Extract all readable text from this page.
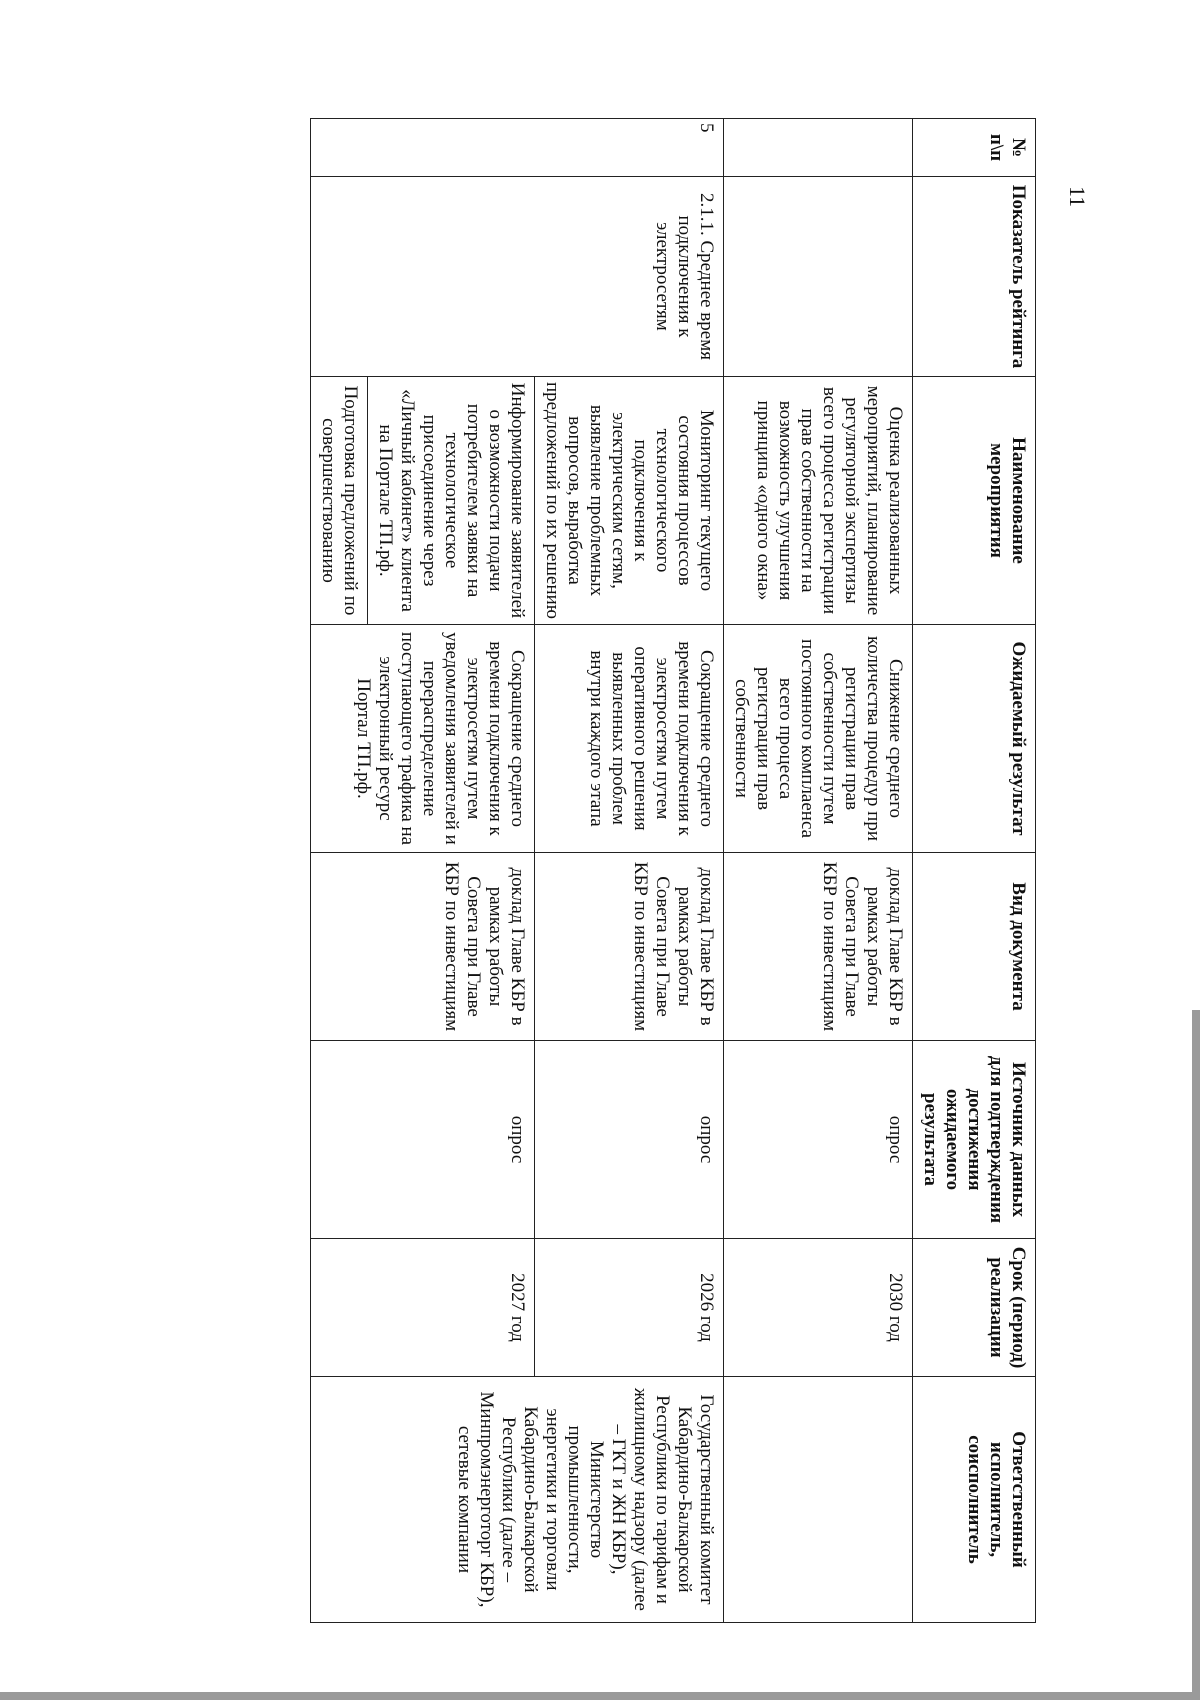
11
№ п\п	Показатель рейтинга	Наименование мероприятия	Ожидаемый результат	Вид документа	Источник данных для подтверждения достижения ожидаемого результата	Срок (период) реализации	Ответственный исполнитель, соисполнитель
		Оценка реализованных мероприятий, планирование регуляторной экспертизы всего процесса регистрации прав собственности на возможность улучшения принципа «одного окна»	Снижение среднего количества процедур при регистрации прав собственности путем постоянного комплаенса всего процесса регистрации прав собственности	доклад Главе КБР в рамках работы Совета при Главе КБР по инвестициям	опрос	2030 год	
5	2.1.1. Среднее время подключения к электросетям	Мониторинг текущего состояния процессов технологического подключения к электрическим сетям, выявление проблемных вопросов, выработка предложений по их решению	Сокращение среднего времени подключения к электросетям путем оперативного решения выявленных проблем внутри каждого этапа	доклад Главе КБР в рамках работы Совета при Главе КБР по инвестициям	опрос	2026 год	Государственный комитет Кабардино-Балкарской Республики по тарифам и жилищному надзору (далее – ГКТ и ЖН КБР), Министерство промышленности, энергетики и торговли Кабардино-Балкарской Республики (далее – Минпромэнерготорг КБР), сетевые компании
		Информирование заявителей о возможности подачи потребителем заявки на технологическое присоединение через «Личный кабинет» клиента на Портале ТП.рф.	Сокращение среднего времени подключения к электросетям путем уведомления заявителей и перераспределение поступающего трафика на электронный ресурс Портал ТП.рф.	доклад Главе КБР в рамках работы Совета при Главе КБР по инвестициям	опрос	2027 год	
		Подготовка предложений по совершенствованию					
